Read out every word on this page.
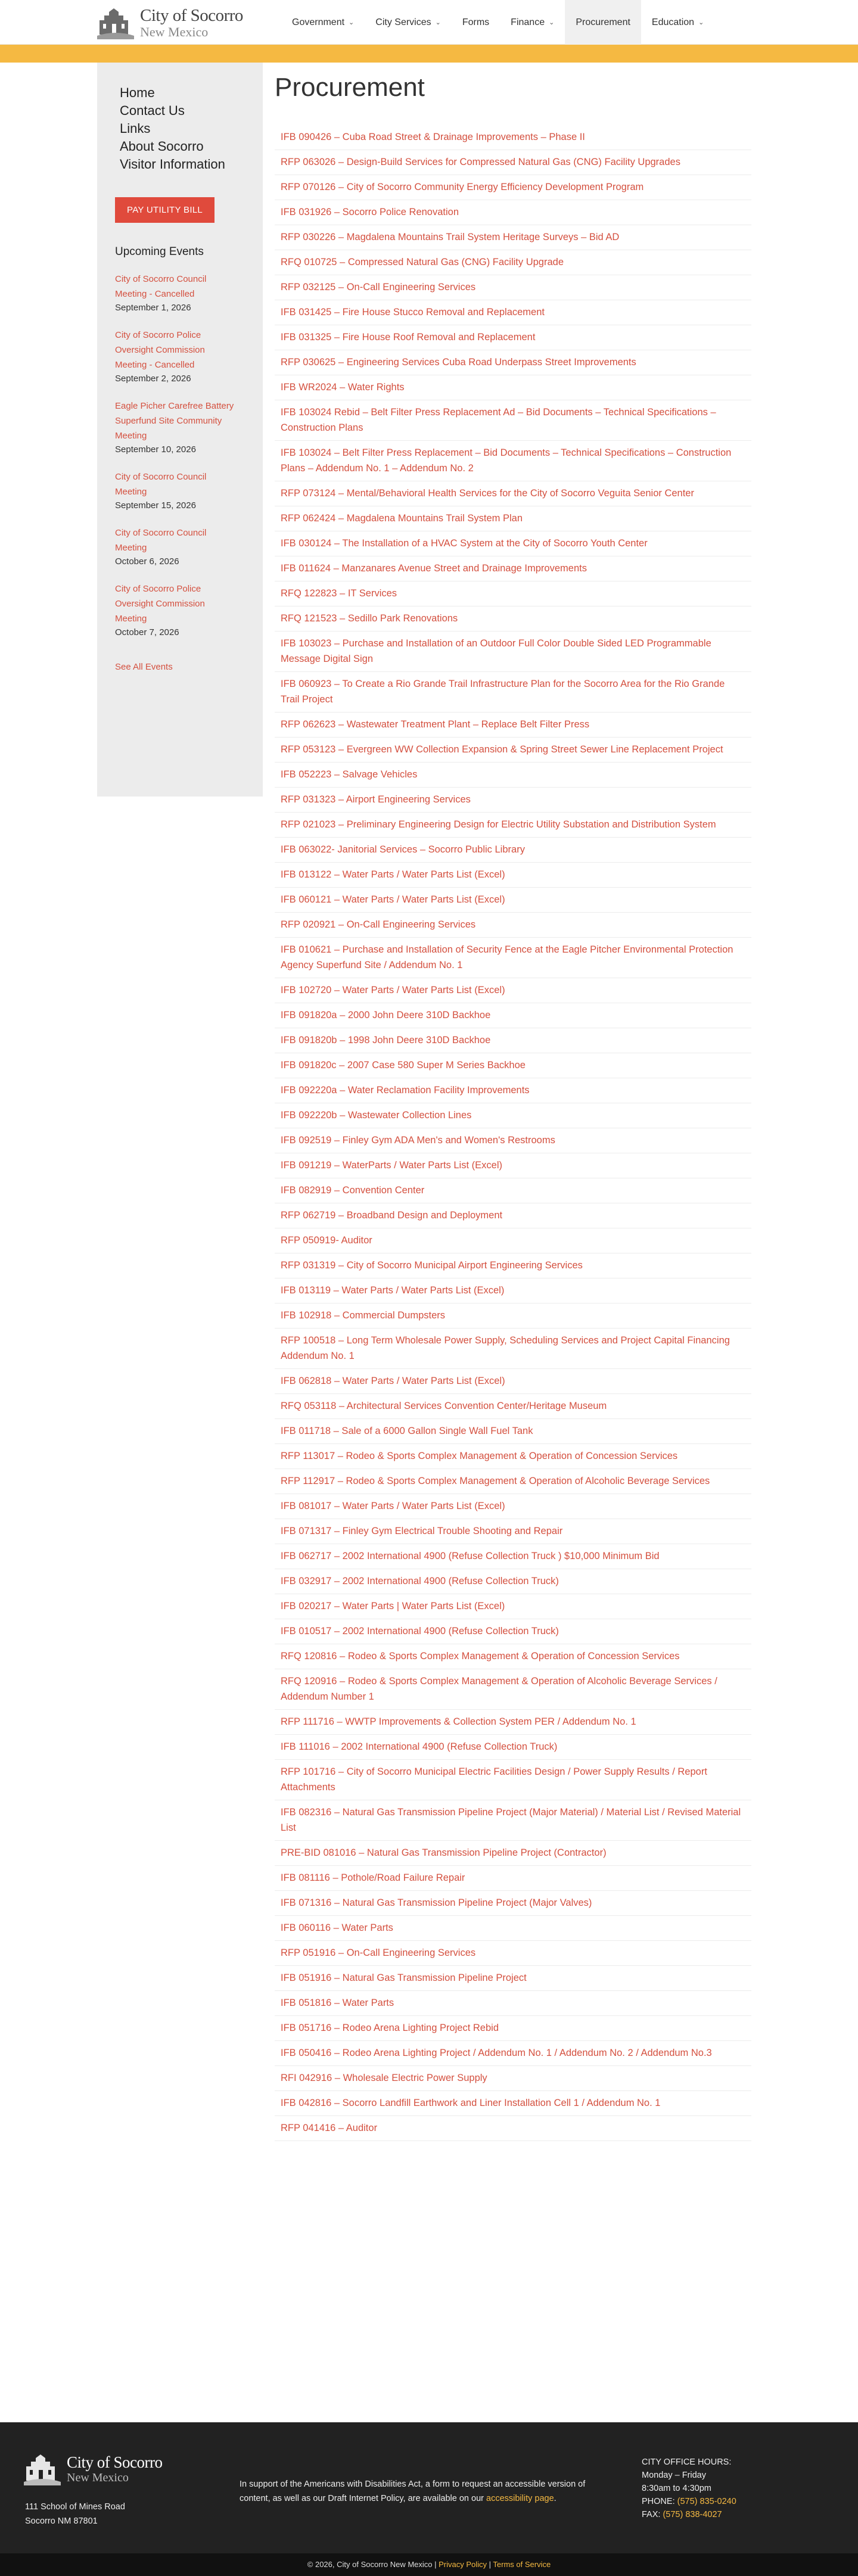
City of Socorro
New Mexico
Government ⌄ City Services ⌄ Forms Finance ⌄ Procurement Education ⌄
Home
Contact Us
Links
About Socorro
Visitor Information
PAY UTILITY BILL
Upcoming Events
City of Socorro Council Meeting - Cancelled
September 1, 2026
City of Socorro Police Oversight Commission Meeting - Cancelled
September 2, 2026
Eagle Picher Carefree Battery Superfund Site Community Meeting
September 10, 2026
City of Socorro Council Meeting
September 15, 2026
City of Socorro Council Meeting
October 6, 2026
City of Socorro Police Oversight Commission Meeting
October 7, 2026
See All Events
Procurement
IFB 090426 – Cuba Road Street & Drainage Improvements – Phase II
RFP 063026 – Design-Build Services for Compressed Natural Gas (CNG) Facility Upgrades
RFP 070126 – City of Socorro Community Energy Efficiency Development Program
IFB 031926 – Socorro Police Renovation
RFP 030226 – Magdalena Mountains Trail System Heritage Surveys – Bid AD
RFQ 010725 – Compressed Natural Gas (CNG) Facility Upgrade
RFP 032125 – On-Call Engineering Services
IFB 031425 – Fire House Stucco Removal and Replacement
IFB 031325 – Fire House Roof Removal and Replacement
RFP 030625 – Engineering Services Cuba Road Underpass Street Improvements
IFB WR2024 – Water Rights
IFB 103024 Rebid – Belt Filter Press Replacement Ad – Bid Documents – Technical Specifications – Construction Plans
IFB 103024 – Belt Filter Press Replacement – Bid Documents – Technical Specifications – Construction Plans – Addendum No. 1 – Addendum No. 2
RFP 073124 – Mental/Behavioral Health Services for the City of Socorro Veguita Senior Center
RFP 062424 – Magdalena Mountains Trail System Plan
IFB 030124 – The Installation of a HVAC System at the City of Socorro Youth Center
IFB 011624 – Manzanares Avenue Street and Drainage Improvements
RFQ 122823 – IT Services
RFQ 121523 – Sedillo Park Renovations
IFB 103023 – Purchase and Installation of an Outdoor Full Color Double Sided LED Programmable Message Digital Sign
IFB 060923 – To Create a Rio Grande Trail Infrastructure Plan for the Socorro Area for the Rio Grande Trail Project
RFP 062623 – Wastewater Treatment Plant – Replace Belt Filter Press
RFP 053123 – Evergreen WW Collection Expansion & Spring Street Sewer Line Replacement Project
IFB 052223 – Salvage Vehicles
RFP 031323 – Airport Engineering Services
RFP 021023 – Preliminary Engineering Design for Electric Utility Substation and Distribution System
IFB 063022- Janitorial Services – Socorro Public Library
IFB 013122 – Water Parts / Water Parts List (Excel)
IFB 060121 – Water Parts / Water Parts List (Excel)
RFP 020921 – On-Call Engineering Services
IFB 010621 – Purchase and Installation of Security Fence at the Eagle Pitcher Environmental Protection Agency Superfund Site / Addendum No. 1
IFB 102720 – Water Parts / Water Parts List (Excel)
IFB 091820a – 2000 John Deere 310D Backhoe
IFB 091820b – 1998 John Deere 310D Backhoe
IFB 091820c – 2007 Case 580 Super M Series Backhoe
IFB 092220a – Water Reclamation Facility Improvements
IFB 092220b – Wastewater Collection Lines
IFB 092519 – Finley Gym ADA Men's and Women's Restrooms
IFB 091219 – WaterParts / Water Parts List (Excel)
IFB 082919 – Convention Center
RFP 062719 – Broadband Design and Deployment
RFP 050919- Auditor
RFP 031319 – City of Socorro Municipal Airport Engineering Services
IFB 013119 – Water Parts / Water Parts List (Excel)
IFB 102918 – Commercial Dumpsters
RFP 100518 – Long Term Wholesale Power Supply, Scheduling Services and Project Capital Financing Addendum No. 1
IFB 062818 – Water Parts / Water Parts List (Excel)
RFQ 053118 – Architectural Services Convention Center/Heritage Museum
IFB 011718 – Sale of a 6000 Gallon Single Wall Fuel Tank
RFP 113017 – Rodeo & Sports Complex Management & Operation of Concession Services
RFP 112917 – Rodeo & Sports Complex Management & Operation of Alcoholic Beverage Services
IFB 081017 – Water Parts / Water Parts List (Excel)
IFB 071317 – Finley Gym Electrical Trouble Shooting and Repair
IFB 062717 – 2002 International 4900 (Refuse Collection Truck ) $10,000 Minimum Bid
IFB 032917 – 2002 International 4900 (Refuse Collection Truck)
IFB 020217 – Water Parts | Water Parts List (Excel)
IFB 010517 – 2002 International 4900 (Refuse Collection Truck)
RFQ 120816 – Rodeo & Sports Complex Management & Operation of Concession Services
RFQ 120916 – Rodeo & Sports Complex Management & Operation of Alcoholic Beverage Services / Addendum Number 1
RFP 111716 – WWTP Improvements & Collection System PER / Addendum No. 1
IFB 111016 – 2002 International 4900 (Refuse Collection Truck)
RFP 101716 – City of Socorro Municipal Electric Facilities Design / Power Supply Results / Report Attachments
IFB 082316 – Natural Gas Transmission Pipeline Project (Major Material) / Material List / Revised Material List
PRE-BID 081016 – Natural Gas Transmission Pipeline Project (Contractor)
IFB 081116 – Pothole/Road Failure Repair
IFB 071316 – Natural Gas Transmission Pipeline Project (Major Valves)
IFB 060116 – Water Parts
RFP 051916 – On-Call Engineering Services
IFB 051916 – Natural Gas Transmission Pipeline Project
IFB 051816 – Water Parts
IFB 051716 – Rodeo Arena Lighting Project Rebid
IFB 050416 – Rodeo Arena Lighting Project / Addendum No. 1 / Addendum No. 2 / Addendum No.3
RFI 042916 – Wholesale Electric Power Supply
IFB 042816 – Socorro Landfill Earthwork and Liner Installation Cell 1 / Addendum No. 1
RFP 041416 – Auditor
City of Socorro
New Mexico
111 School of Mines Road
Socorro NM 87801
In support of the Americans with Disabilities Act, a form to request an accessible version of content, as well as our Draft Internet Policy, are available on our accessibility page.
CITY OFFICE HOURS:
Monday – Friday
8:30am to 4:30pm
PHONE: (575) 835-0240
FAX: (575) 838-4027
© 2026, City of Socorro New Mexico | Privacy Policy | Terms of Service
